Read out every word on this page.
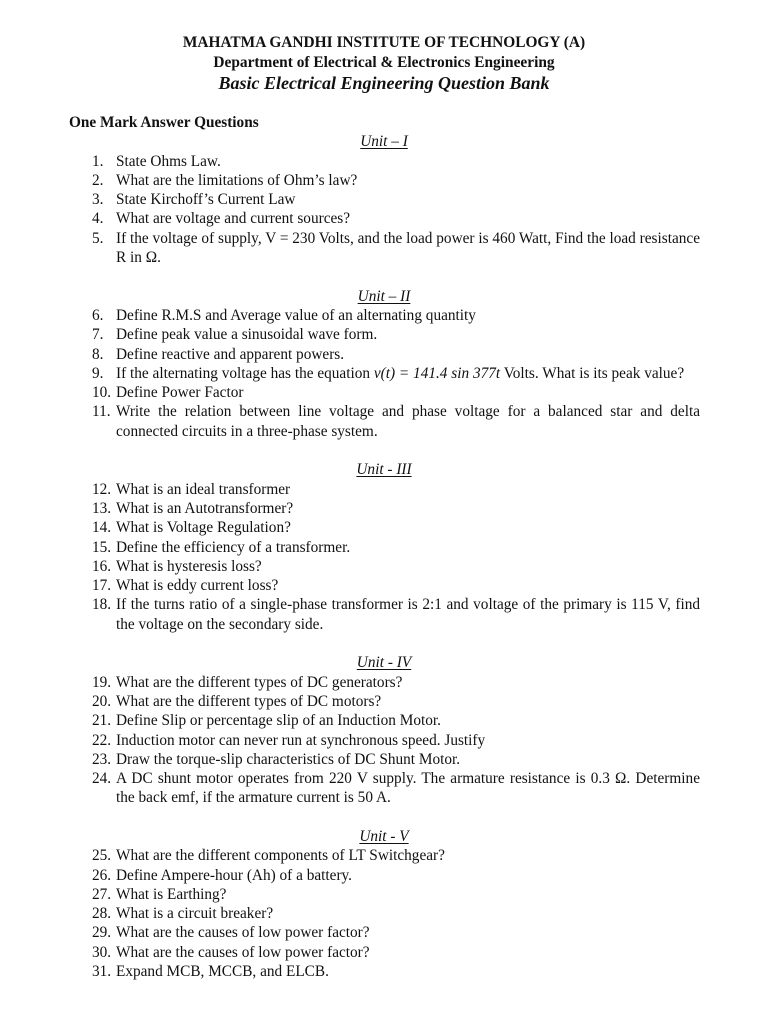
MAHATMA GANDHI INSTITUTE OF TECHNOLOGY (A)
Department of Electrical & Electronics Engineering
Basic Electrical Engineering Question Bank
One Mark Answer Questions
Unit – I
1. State Ohms Law.
2. What are the limitations of Ohm’s law?
3. State Kirchoff’s Current Law
4. What are voltage and current sources?
5. If the voltage of supply, V = 230 Volts, and the load power is 460 Watt, Find the load resistance
R in Ω.
Unit – II
6. Define R.M.S and Average value of an alternating quantity
7. Define peak value a sinusoidal wave form.
8. Define reactive and apparent powers.
9. If the alternating voltage has the equation v(t) = 141.4 sin 377t Volts. What is its peak value?
10. Define Power Factor
11. Write the relation between line voltage and phase voltage for a balanced star and delta
connected circuits in a three-phase system.
Unit - III
12. What is an ideal transformer
13. What is an Autotransformer?
14. What is Voltage Regulation?
15. Define the efficiency of a transformer.
16. What is hysteresis loss?
17. What is eddy current loss?
18. If the turns ratio of a single-phase transformer is 2:1 and voltage of the primary is 115 V, find
the voltage on the secondary side.
Unit - IV
19. What are the different types of DC generators?
20. What are the different types of DC motors?
21. Define Slip or percentage slip of an Induction Motor.
22. Induction motor can never run at synchronous speed. Justify
23. Draw the torque-slip characteristics of DC Shunt Motor.
24. A DC shunt motor operates from 220 V supply. The armature resistance is 0.3 Ω. Determine
the back emf, if the armature current is 50 A.
Unit - V
25. What are the different components of LT Switchgear?
26. Define Ampere-hour (Ah) of a battery.
27. What is Earthing?
28. What is a circuit breaker?
29. What are the causes of low power factor?
30. What are the causes of low power factor?
31. Expand MCB, MCCB, and ELCB.
